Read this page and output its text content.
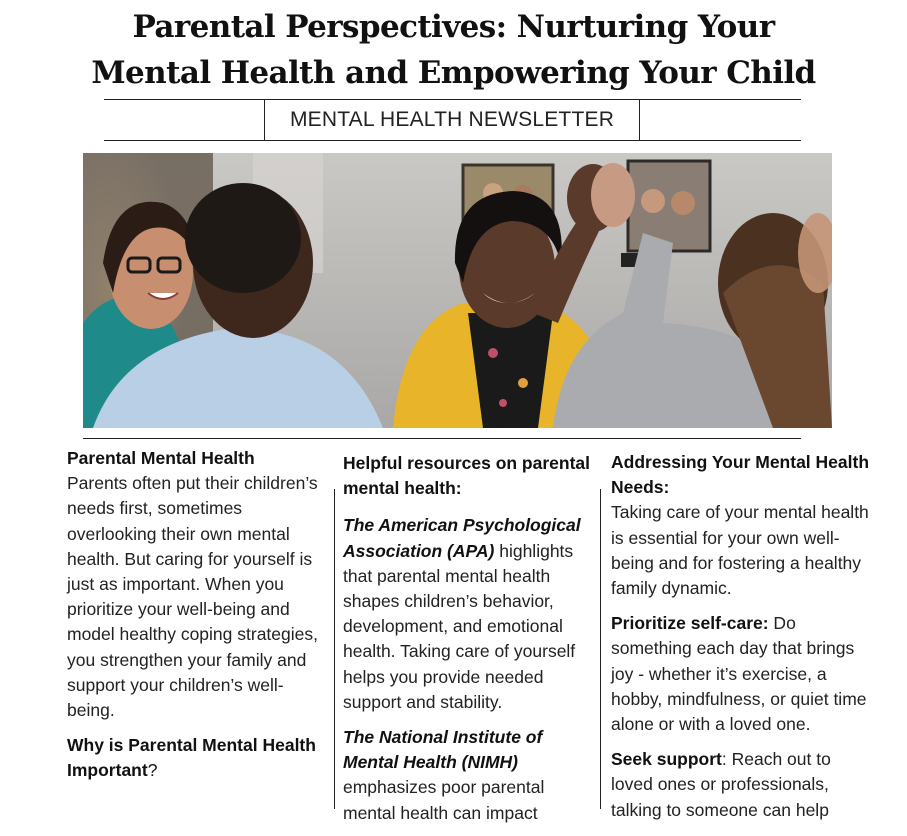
Parental Perspectives: Nurturing Your
Mental Health and Empowering Your Child
MENTAL HEALTH NEWSLETTER
Parental Mental Health

Parents often put their children’s needs first, sometimes overlooking their own mental health. But caring for yourself is just as important. When you prioritize your well-being and model healthy coping strategies, you strengthen your family and support your children’s well-being.

Why is Parental Mental Health Important?
Helpful resources on parental mental health:

The American Psychological Association (APA) highlights that parental mental health shapes children’s behavior, development, and emotional health. Taking care of yourself helps you provide needed support and stability.

The National Institute of Mental Health (NIMH) emphasizes poor parental mental health can impact

Addressing Your Mental Health Needs:

Taking care of your mental health is essential for your own well-being and for fostering a healthy family dynamic.

Prioritize self-care: Do something each day that brings joy - whether it’s exercise, a hobby, mindfulness, or quiet time alone or with a loved one.

Seek support: Reach out to loved ones or professionals, talking to someone can help
